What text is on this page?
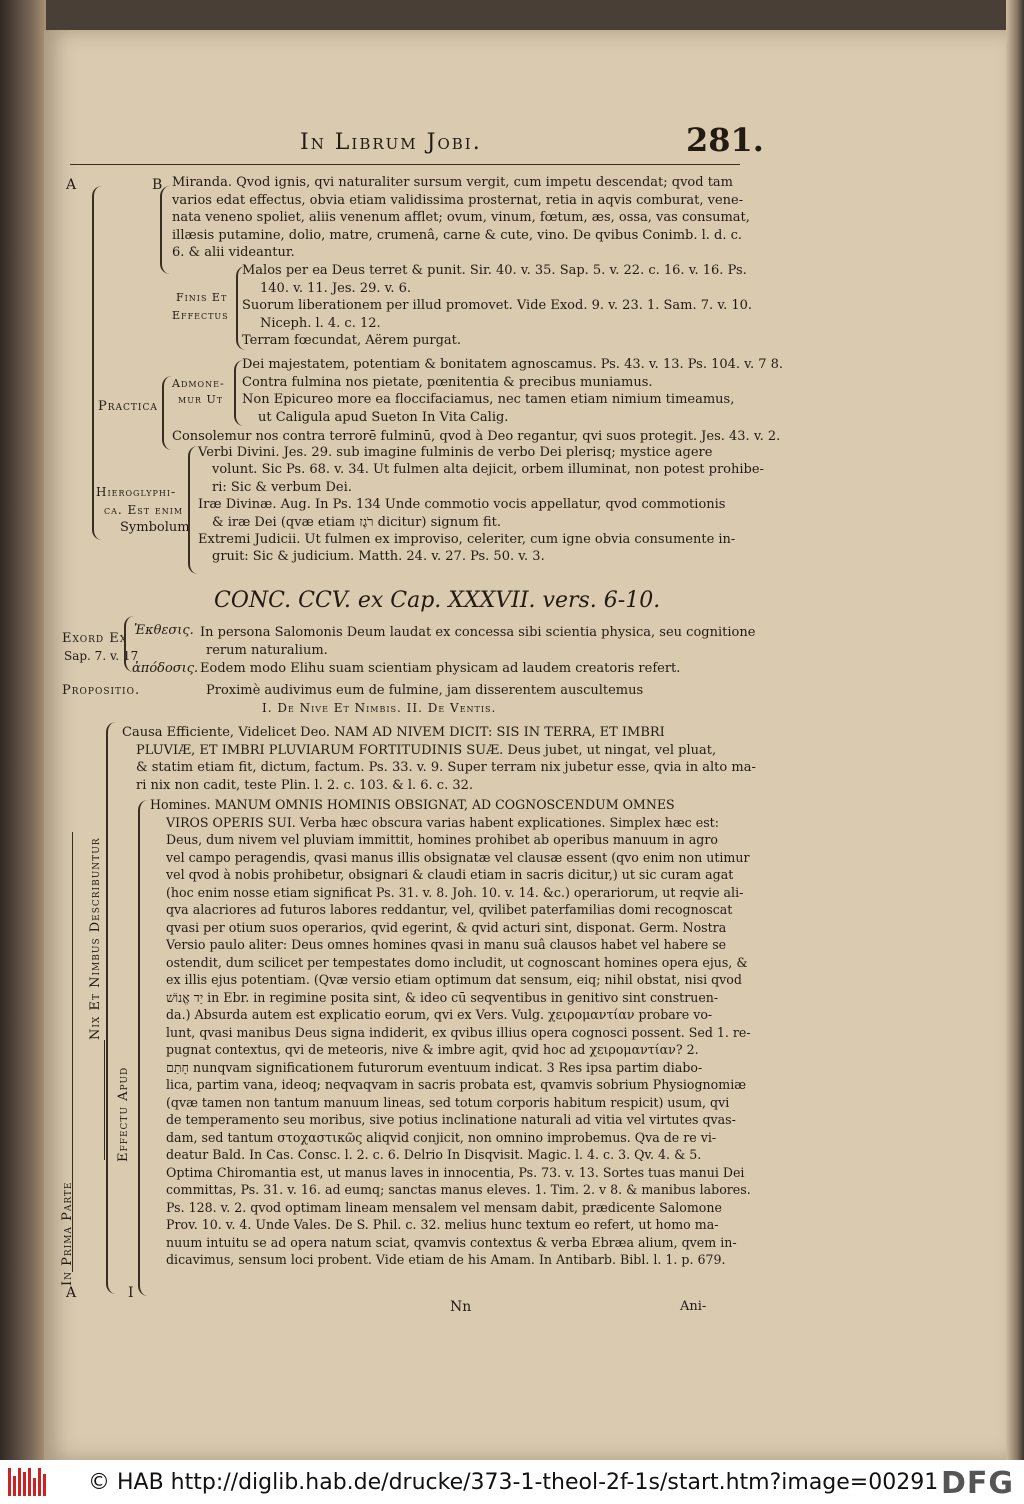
In Librum Jobi.	281.
A	B Miranda. Qvod ignis, qvi naturaliter sursum vergit, cum impetu descendat; qvod tam
varios edat effectus, obvia etiam validissima prosternat, retia in aqvis comburat, vene-
nata veneno spoliet, aliis venenum afflet; ovum, vinum, fœtum, æs, ossa, vas consumat,
illæsis putamine, dolio, matre, crumenâ, carne & cute, vino. De qvibus Conimb. l. d. c.
6. & alii videantur.
Finis Et
Effectus
Malos per ea Deus terret & punit. Sir. 40. v. 35. Sap. 5. v. 22. c. 16. v. 16. Ps.
140. v. 11. Jes. 29. v. 6.
Suorum liberationem per illud promovet. Vide Exod. 9. v. 23. 1. Sam. 7. v. 10.
Niceph. l. 4. c. 12.
Terram fœcundat, Aërem purgat.
Practica
Admone-
mur Ut
Dei majestatem, potentiam & bonitatem agnoscamus. Ps. 43. v. 13. Ps. 104. v. 7 8.
Contra fulmina nos pietate, pœnitentia & precibus muniamus.
Non Epicureo more ea floccifaciamus, nec tamen etiam nimium timeamus,
ut Caligula apud Sueton In Vita Calig.
Consolemur nos contra terrorē fulminū, qvod à Deo regantur, qvi suos protegit. Jes. 43. v. 2.
Hieroglyphi-
ca. Est enim
Symbolum
Verbi Divini. Jes. 29. sub imagine fulminis de verbo Dei plerisq; mystice agere
volunt. Sic Ps. 68. v. 34. Ut fulmen alta dejicit, orbem illuminat, non potest prohibe-
ri: Sic & verbum Dei.
Iræ Divinæ. Aug. In Ps. 134 Unde commotio vocis appellatur, qvod commotionis
& iræ Dei (qvæ etiam רֹגֶז dicitur) signum fit.
Extremi Judicii. Ut fulmen ex improviso, celeriter, cum igne obvia consumente in-
gruit: Sic & judicium. Matth. 24. v. 27. Ps. 50. v. 3.
CONC. CCV. ex Cap. XXXVII. vers. 6-10.
Exord Ex
Sap. 7. v. 17
Ἐκθεσις.
ἀπόδοσις.
In persona Salomonis Deum laudat ex concessa sibi scientia physica, seu cognitione
rerum naturalium.
Eodem modo Elihu suam scientiam physicam ad laudem creatoris refert.
Propositio.	Proximè audivimus eum de fulmine, jam disserentem auscultemus
I. De Nive Et Nimbis. II. De Ventis.
Causa Efficiente, Videlicet Deo. NAM AD NIVEM DICIT: SIS IN TERRA, ET IMBRI
PLUVIÆ, ET IMBRI PLUVIARUM FORTITUDINIS SUÆ. Deus jubet, ut ningat, vel pluat,
& statim etiam fit, dictum, factum. Ps. 33. v. 9. Super terram nix jubetur esse, qvia in alto ma-
ri nix non cadit, teste Plin. l. 2. c. 103. & l. 6. c. 32.
Nix Et Nimbus Describuntur
Effectu Apud
In Prima Parte
Homines. MANUM OMNIS HOMINIS OBSIGNAT, AD COGNOSCENDUM OMNES
VIROS OPERIS SUI. Verba hæc obscura varias habent explicationes. Simplex hæc est:
Deus, dum nivem vel pluviam immittit, homines prohibet ab operibus manuum in agro
vel campo peragendis, qvasi manus illis obsignatæ vel clausæ essent (qvo enim non utimur
vel qvod à nobis prohibetur, obsignari & claudi etiam in sacris dicitur,) ut sic curam agat
(hoc enim nosse etiam significat Ps. 31. v. 8. Joh. 10. v. 14. &c.) operariorum, ut reqvie ali-
qva alacriores ad futuros labores reddantur, vel, qvilibet paterfamilias domi recognoscat
qvasi per otium suos operarios, qvid egerint, & qvid acturi sint, disponat. Germ. Nostra
Versio paulo aliter: Deus omnes homines qvasi in manu suâ clausos habet vel habere se
ostendit, dum scilicet per tempestates domo includit, ut cognoscant homines opera ejus, &
ex illis ejus potentiam. (Qvæ versio etiam optimum dat sensum, eiq; nihil obstat, nisi qvod
יַד אֱנוֹשׁ in Ebr. in regimine posita sint, & ideo cū seqventibus in genitivo sint construen-
da.) Absurda autem est explicatio eorum, qvi ex Vers. Vulg. χειρομαντίαν probare vo-
lunt, qvasi manibus Deus signa indiderit, ex qvibus illius opera cognosci possent. Sed 1. re-
pugnat contextus, qvi de meteoris, nive & imbre agit, qvid hoc ad χειρομαντίαν? 2.
חָתַם nunqvam significationem futurorum eventuum indicat. 3 Res ipsa partim diabo-
lica, partim vana, ideoq; neqvaqvam in sacris probata est, qvamvis sobrium Physiognomiæ
(qvæ tamen non tantum manuum lineas, sed totum corporis habitum respicit) usum, qvi
de temperamento seu moribus, sive potius inclinatione naturali ad vitia vel virtutes qvas-
dam, sed tantum στοχαστικῶς aliqvid conjicit, non omnino improbemus. Qva de re vi-
deatur Bald. In Cas. Consc. l. 2. c. 6. Delrio In Disqvisit. Magic. l. 4. c. 3. Qv. 4. & 5.
Optima Chiromantia est, ut manus laves in innocentia, Ps. 73. v. 13. Sortes tuas manui Dei
committas, Ps. 31. v. 16. ad eumq; sanctas manus eleves. 1. Tim. 2. v 8. & manibus labores.
Ps. 128. v. 2. qvod optimam lineam mensalem vel mensam dabit, prædicente Salomone
Prov. 10. v. 4. Unde Vales. De S. Phil. c. 32. melius hunc textum eo refert, ut homo ma-
nuum intuitu se ad opera natum sciat, qvamvis contextus & verba Ebræa alium, qvem in-
dicavimus, sensum loci probent. Vide etiam de his Amam. In Antibarb. Bibl. l. 1. p. 679.
A	I
Nn	Ani-
© HAB http://diglib.hab.de/drucke/373-1-theol-2f-1s/start.htm?image=00291 DFG
